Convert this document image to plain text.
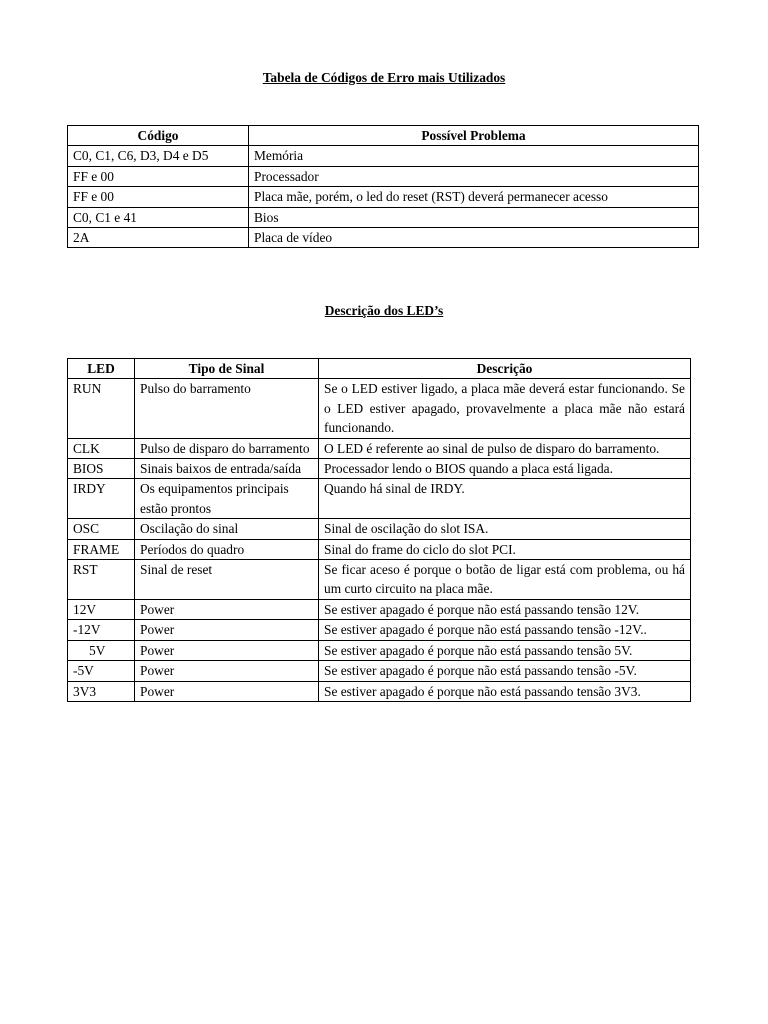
Tabela de Códigos de Erro mais Utilizados
Código	Possível Problema
C0, C1, C6, D3, D4 e D5	Memória
FF e 00	Processador
FF e 00	Placa mãe, porém, o led do reset (RST) deverá permanecer acesso
C0, C1 e 41	Bios
2A	Placa de vídeo
Descrição dos LED’s
LED	Tipo de Sinal	Descrição
RUN	Pulso do barramento	Se o LED estiver ligado, a placa mãe deverá estar funcionando. Se o LED estiver apagado, provavelmente a placa mãe não estará funcionando.
CLK	Pulso de disparo do barramento	O LED é referente ao sinal de pulso de disparo do barramento.
BIOS	Sinais baixos de entrada/saída	Processador lendo o BIOS quando a placa está ligada.
IRDY	Os equipamentos principais estão prontos	Quando há sinal de IRDY.
OSC	Oscilação do sinal	Sinal de oscilação do slot ISA.
FRAME	Períodos do quadro	Sinal do frame do ciclo do slot PCI.
RST	Sinal de reset	Se ficar aceso é porque o botão de ligar está com problema, ou há um curto circuito na placa mãe.
12V	Power	Se estiver apagado é porque não está passando tensão 12V.
-12V	Power	Se estiver apagado é porque não está passando tensão -12V..
5V	Power	Se estiver apagado é porque não está passando tensão 5V.
-5V	Power	Se estiver apagado é porque não está passando tensão -5V.
3V3	Power	Se estiver apagado é porque não está passando tensão 3V3.
